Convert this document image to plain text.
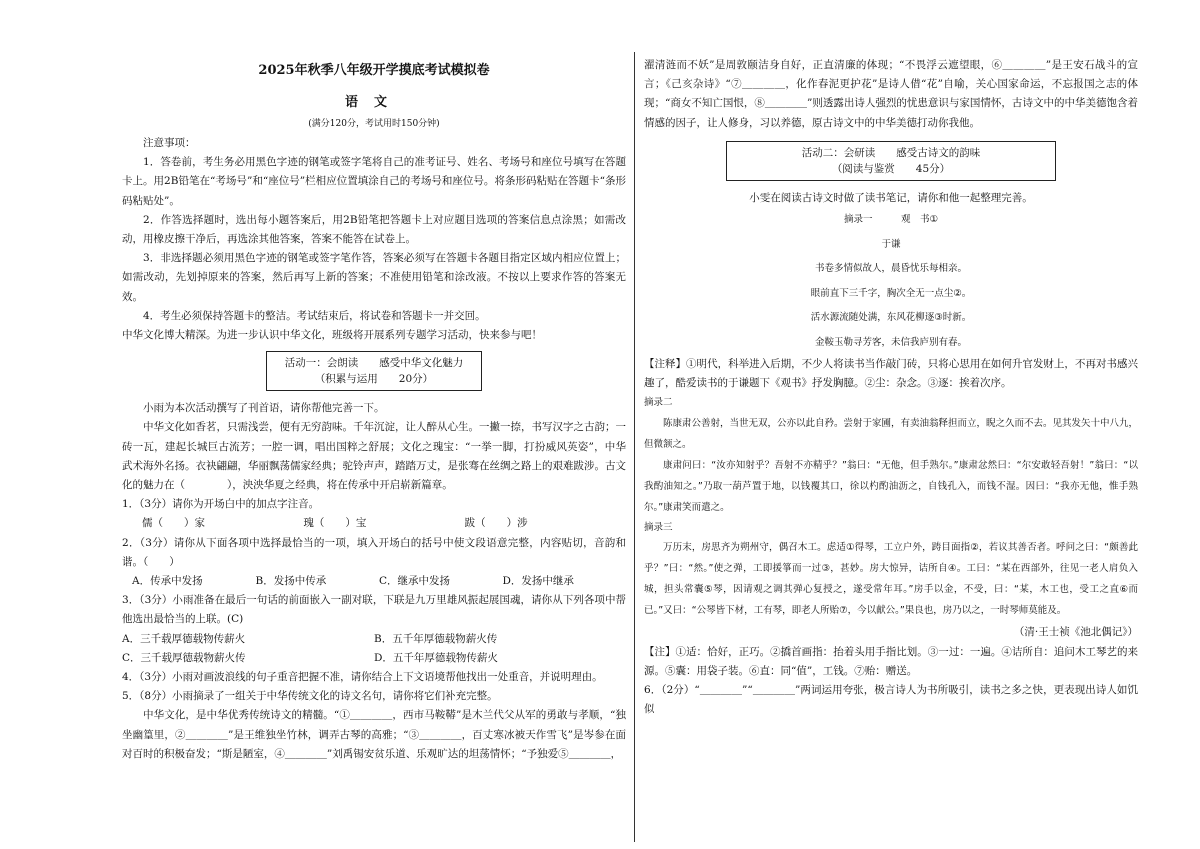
2025年秋季八年级开学摸底考试模拟卷
语文
(满分120分，考试用时150分钟)

注意事项：

1．答卷前，考生务必用黑色字迹的钢笔或签字笔将自己的准考证号、姓名、考场号和座位号填写在答题卡上。用2B铅笔在“考场号”和“座位号”栏相应位置填涂自己的考场号和座位号。将条形码粘贴在答题卡“条形码粘贴处”。

2．作答选择题时，选出每小题答案后，用2B铅笔把答题卡上对应题目选项的答案信息点涂黑；如需改动，用橡皮擦干净后，再选涂其他答案，答案不能答在试卷上。

3．非选择题必须用黑色字迹的钢笔或签字笔作答，答案必须写在答题卡各题目指定区域内相应位置上；如需改动，先划掉原来的答案，然后再写上新的答案；不准使用铅笔和涂改液。不按以上要求作答的答案无效。

4．考生必须保持答题卡的整洁。考试结束后，将试卷和答题卡一并交回。

中华文化博大精深。为进一步认识中华文化，班级将开展系列专题学习活动，快来参与吧！

活动一：会朗读　　感受中华文化魅力
（积累与运用　　20分）

小雨为本次活动撰写了刊首语，请你帮他完善一下。

中华文化如香茗，只需浅尝，便有无穷韵味。千年沉淀，让人醉从心生。一撇一捺，书写汉字之古韵；一砖一瓦，建起长城巨古流芳；一腔一调，唱出国粹之舒展；文化之瑰宝：“一挙一脚，打扮威风英姿”，中华武术海外名扬。衣袂翩翩，华丽飘荡儒家经典；驼铃声声，踏踏万丈，是张骞在丝绸之路上的艰难跋涉。古文化的魅力在（　　　　），泱泱华夏之经典，将在传承中开启崭新篇章。

1．（3分）请你为开场白中的加点字注音。

儒（　　）家	瑰（　　）宝	跋（　　）涉

2．（3分）请你从下面各项中选择最恰当的一项，填入开场白的括号中使文段语意完整，内容贴切，音韵和谐。（　　）

A．传承中发扬	B．发扬中传承	C．继承中发扬	D．发扬中继承

3．（3分）小雨准备在最后一句话的前面嵌入一副对联，下联是九万里雄风振起展国魂，请你从下列各项中帮他选出最恰当的上联。(C)

A．三千载厚德载物传薪火	B．五千年厚德载物薪火传
C．三千载厚德载物薪火传	D．五千年厚德载物传薪火

4．（3分）小雨对画波浪线的句子重音把握不准，请你结合上下文语境帮他找出一处重音，并说明理由。

5．（8分）小雨摘录了一组关于中华传统文化的诗文名句，请你将它们补充完整。

中华文化，是中华优秀传统诗文的精髓。“①＿＿＿＿，西市马鞍鞯”是木兰代父从军的勇敢与孝顺，“独坐幽篁里，②＿＿＿＿”是王维独坐竹林，调弄古琴的高雅；“③＿＿＿＿，百丈寒冰被天作雪飞”是岑参在面对百时的积极奋发；“斯是陋室，④＿＿＿＿”刘禹锡安贫乐道、乐观旷达的坦荡情怀；“予独爱⑤＿＿＿＿，

濯清涟而不妖”是周敦颐洁身自好，正直清廉的体现；“不畏浮云遮望眼，⑥＿＿＿＿”是王安石战斗的宣言；《己亥杂诗》“⑦＿＿＿＿，化作春泥更护花”是诗人借“花”自喻，关心国家命运，不忘报国之志的体现；“商女不知亡国恨，⑧＿＿＿＿”则透露出诗人强烈的忧患意识与家国情怀，古诗文中的中华美德饱含着情感的因子，让人修身，习以养德，原古诗文中的中华美德打动你我他。

活动二：会研读　　感受古诗文的韵味
（阅读与鉴赏　　45分）

小雯在阅读古诗文时做了读书笔记，请你和他一起整理完善。

摘录一　　　观　书①

于谦

书卷多情似故人，晨昏忧乐每相亲。

眼前直下三千字，胸次全无一点尘②。

活水源流随处满，东风花柳逐③时新。

金鞍玉勒寻芳客，未信我庐别有春。

【注释】①明代，科举进入后期，不少人将读书当作敲门砖，只将心思用在如何升官发财上，不再对书感兴趣了，酷爱读书的于谦题下《观书》抒发胸臆。②尘：杂念。③逐：挨着次序。

摘录二

陈康肃公善射，当世无双，公亦以此自矜。尝射于家圃，有卖油翁释担而立，睨之久而不去。见其发矢十中八九，但微颔之。

康肃问曰：“汝亦知射乎？吾射不亦精乎？”翁曰：“无他，但手熟尔。”康肃忿然曰：“尔安敢轻吾射！”翁曰：“以我酌油知之。”乃取一葫芦置于地，以钱覆其口，徐以杓酌油沥之，自钱孔入，而钱不湿。因曰：“我亦无他，惟手熟尔。”康肃笑而遣之。

摘录三

万历末，房思齐为朔州守，偶召木工。虑适①得琴，工立户外，踌目面指②，若议其善否者。呼问之曰：“颇善此乎？”曰：“然。”使之弹，工即援箏而一过③，甚妙。房大惊异，诘所自④。工曰：“某在西部外，往见一老人肩负入城，担头常囊⑤琴，因请观之调其弹心复授之，遂受常年耳。”房手以金，不受，曰：“某，木工也，受工之直⑥而已。”又曰：“公琴皆下材，工有琴，即老人所贻⑦，今以献公。”果良也，房乃以之，一时琴师莫能及。

（清·王士祯《池北偶记》）

【注】①适：恰好，正巧。②撟首画指：抬着头用手指比划。③一过：一遍。④诘所自：追问木工琴艺的来源。⑤囊：用袋子装。⑥直：同“值”，工钱。⑦贻：赠送。

6．（2分）“＿＿＿＿”“＿＿＿＿”两词运用夸张，极言诗人为书所吸引，读书之多之快，更表现出诗人如饥似
